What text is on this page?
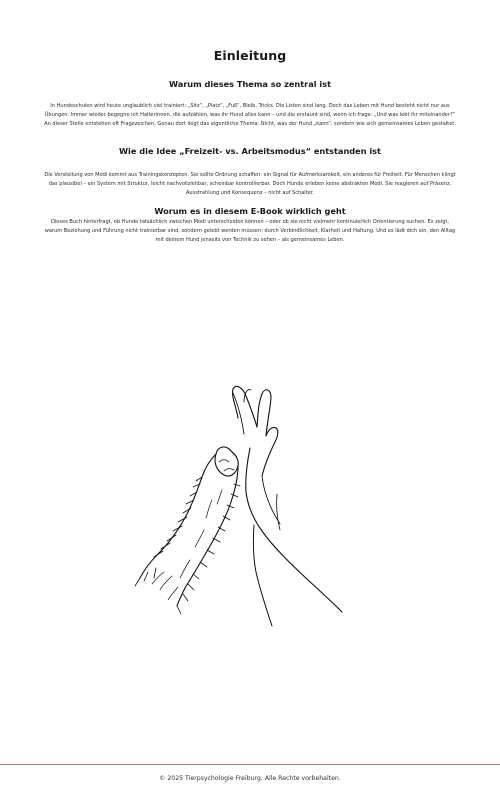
Einleitung
Warum dieses Thema so zentral ist
In Hundeschulen wird heute unglaublich viel trainiert: „Sitz“, „Platz“, „Fuß“, Bleib, Tricks. Die Listen sind lang. Doch das Leben mit Hund besteht nicht nur aus Übungen. Immer wieder begegne ich Halterinnen, die aufzählen, was ihr Hund alles kann – und die erstaunt sind, wenn ich frage: „Und was lebt ihr miteinander?“ An dieser Stelle entstehen oft Fragezeichen. Genau dort liegt das eigentliche Thema: Nicht, was der Hund „kann“, sondern wie sich gemeinsames Leben gestaltet.
Wie die Idee „Freizeit- vs. Arbeitsmodus“ entstanden ist
Die Vorstellung von Modi kommt aus Trainingskonzepten. Sie sollte Ordnung schaffen: ein Signal für Aufmerksamkeit, ein anderes für Freiheit. Für Menschen klingt das plausibel – ein System mit Struktur, leicht nachvollziehbar, scheinbar kontrollierbar. Doch Hunde erleben keine abstrakten Modi. Sie reagieren auf Präsenz, Ausstrahlung und Konsequenz – nicht auf Schalter.
Worum es in diesem E-Book wirklich geht
Dieses Buch hinterfragt, ob Hunde tatsächlich zwischen Modi unterscheiden können – oder ob sie nicht vielmehr kontinuierlich Orientierung suchen. Es zeigt, warum Beziehung und Führung nicht trainierbar sind, sondern gelebt werden müssen: durch Verbindlichkeit, Klarheit und Haltung. Und es lädt dich ein, den Alltag mit deinem Hund jenseits von Technik zu sehen – als gemeinsames Leben.
© 2025 Tierpsychologie Freiburg. Alle Rechte vorbehalten.
